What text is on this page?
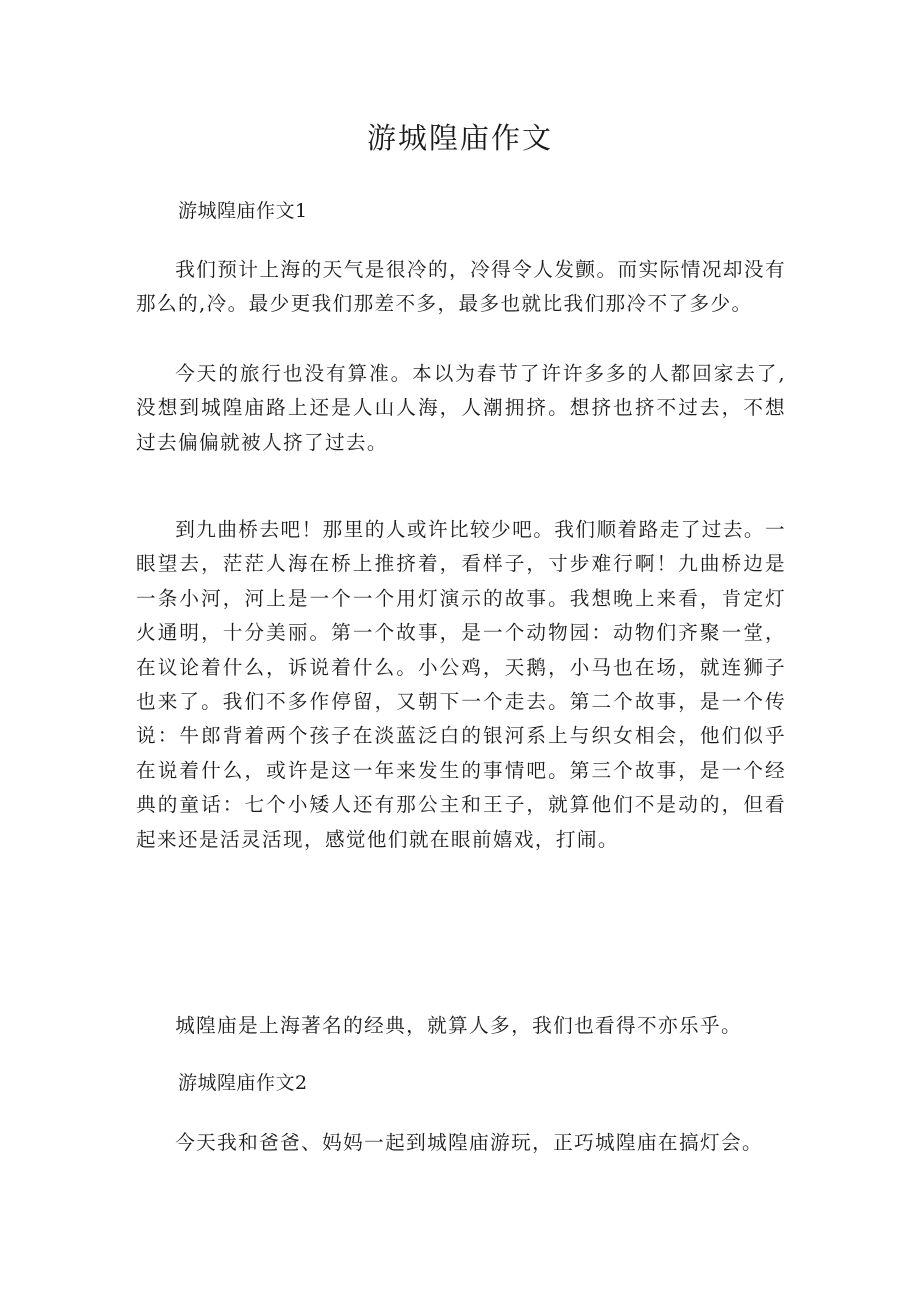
游城隍庙作文
游城隍庙作文1

我们预计上海的天气是很冷的，冷得令人发颤。而实际情况却没有那么的,冷。最少更我们那差不多，最多也就比我们那冷不了多少。

今天的旅行也没有算准。本以为春节了许许多多的人都回家去了,没想到城隍庙路上还是人山人海，人潮拥挤。想挤也挤不过去，不想过去偏偏就被人挤了过去。

到九曲桥去吧！那里的人或许比较少吧。我们顺着路走了过去。一眼望去，茫茫人海在桥上推挤着，看样子，寸步难行啊！九曲桥边是一条小河，河上是一个一个用灯演示的故事。我想晚上来看，肯定灯火通明，十分美丽。第一个故事，是一个动物园：动物们齐聚一堂，在议论着什么，诉说着什么。小公鸡，天鹅，小马也在场，就连狮子也来了。我们不多作停留，又朝下一个走去。第二个故事，是一个传说：牛郎背着两个孩子在淡蓝泛白的银河系上与织女相会，他们似乎在说着什么，或许是这一年来发生的事情吧。第三个故事，是一个经典的童话：七个小矮人还有那公主和王子，就算他们不是动的，但看起来还是活灵活现，感觉他们就在眼前嬉戏，打闹。

城隍庙是上海著名的经典，就算人多，我们也看得不亦乐乎。

游城隍庙作文2

今天我和爸爸、妈妈一起到城隍庙游玩，正巧城隍庙在搞灯会。
